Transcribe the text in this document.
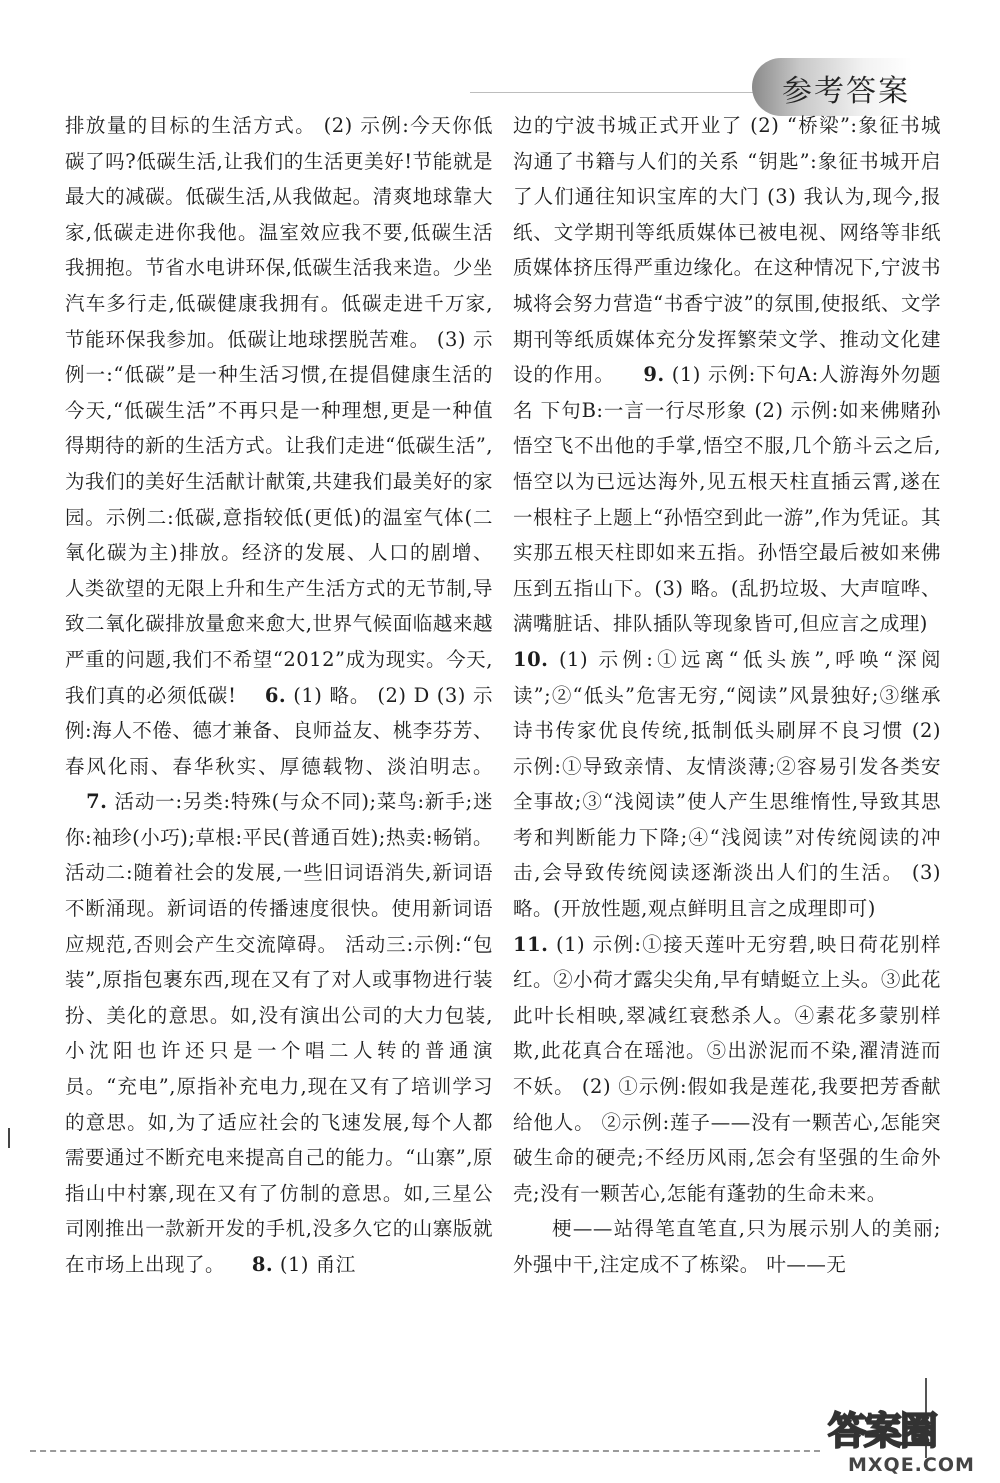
参考答案

排放量的目标的生活方式。 (2) 示例:今天你低碳了吗?低碳生活,让我们的生活更美好!节能就是最大的减碳。低碳生活,从我做起。清爽地球靠大家,低碳走进你我他。温室效应我不要,低碳生活我拥抱。节省水电讲环保,低碳生活我来造。少坐汽车多行走,低碳健康我拥有。低碳走进千万家,节能环保我参加。低碳让地球摆脱苦难。 (3) 示例一:“低碳”是一种生活习惯,在提倡健康生活的今天,“低碳生活”不再只是一种理想,更是一种值得期待的新的生活方式。让我们走进“低碳生活”,为我们的美好生活献计献策,共建我们最美好的家园。示例二:低碳,意指较低(更低)的温室气体(二氧化碳为主)排放。经济的发展、人口的剧增、人类欲望的无限上升和生产生活方式的无节制,导致二氧化碳排放量愈来愈大,世界气候面临越来越严重的问题,我们不希望“2012”成为现实。今天,我们真的必须低碳! 6. (1) 略。 (2) D (3) 示例:海人不倦、德才兼备、良师益友、桃李芬芳、春风化雨、春华秋实、厚德载物、淡泊明志。    7. 活动一:另类:特殊(与众不同);菜鸟:新手;迷你:袖珍(小巧);草根:平民(普通百姓);热卖:畅销。 活动二:随着社会的发展,一些旧词语消失,新词语不断涌现。新词语的传播速度很快。使用新词语应规范,否则会产生交流障碍。 活动三:示例:“包装”,原指包裹东西,现在又有了对人或事物进行装扮、美化的意思。如,没有演出公司的大力包装,小沈阳也许还只是一个唱二人转的普通演员。“充电”,原指补充电力,现在又有了培训学习的意思。如,为了适应社会的飞速发展,每个人都需要通过不断充电来提高自己的能力。“山寨”,原指山中村寨,现在又有了仿制的意思。如,三星公司刚推出一款新开发的手机,没多久它的山寨版就在市场上出现了。 8. (1) 甬江

边的宁波书城正式开业了 (2) “桥梁”:象征书城沟通了书籍与人们的关系 “钥匙”:象征书城开启了人们通往知识宝库的大门 (3) 我认为,现今,报纸、文学期刊等纸质媒体已被电视、网络等非纸质媒体挤压得严重边缘化。在这种情况下,宁波书城将会努力营造“书香宁波”的氛围,使报纸、文学期刊等纸质媒体充分发挥繁荣文学、推动文化建设的作用。 9. (1) 示例:下句A:人游海外勿题名 下句B:一言一行尽形象 (2) 示例:如来佛赌孙悟空飞不出他的手掌,悟空不服,几个筋斗云之后,悟空以为已远达海外,见五根天柱直插云霄,遂在一根柱子上题上“孙悟空到此一游”,作为凭证。其实那五根天柱即如来五指。孙悟空最后被如来佛压到五指山下。(3) 略。(乱扔垃圾、大声喧哗、满嘴脏话、排队插队等现象皆可,但应言之成理)

10. (1) 示例:①远离“低头族”,呼唤“深阅读”;②“低头”危害无穷,“阅读”风景独好;③继承诗书传家优良传统,抵制低头刷屏不良习惯 (2) 示例:①导致亲情、友情淡薄;②容易引发各类安全事故;③“浅阅读”使人产生思维惰性,导致其思考和判断能力下降;④“浅阅读”对传统阅读的冲击,会导致传统阅读逐渐淡出人们的生活。 (3) 略。(开放性题,观点鲜明且言之成理即可)

11. (1) 示例:①接天莲叶无穷碧,映日荷花别样红。②小荷才露尖尖角,早有蜻蜓立上头。③此花此叶长相映,翠减红衰愁杀人。④素花多蒙别样欺,此花真合在瑶池。⑤出淤泥而不染,濯清涟而不妖。 (2) ①示例:假如我是莲花,我要把芳香献给他人。 ②示例:莲子——没有一颗苦心,怎能突破生命的硬壳;不经历风雨,怎会有坚强的生命外壳;没有一颗苦心,怎能有蓬勃的生命未来。

梗——站得笔直笔直,只为展示别人的美丽;外强中干,注定成不了栋梁。 叶——无

答案圈
MXQE.COM
